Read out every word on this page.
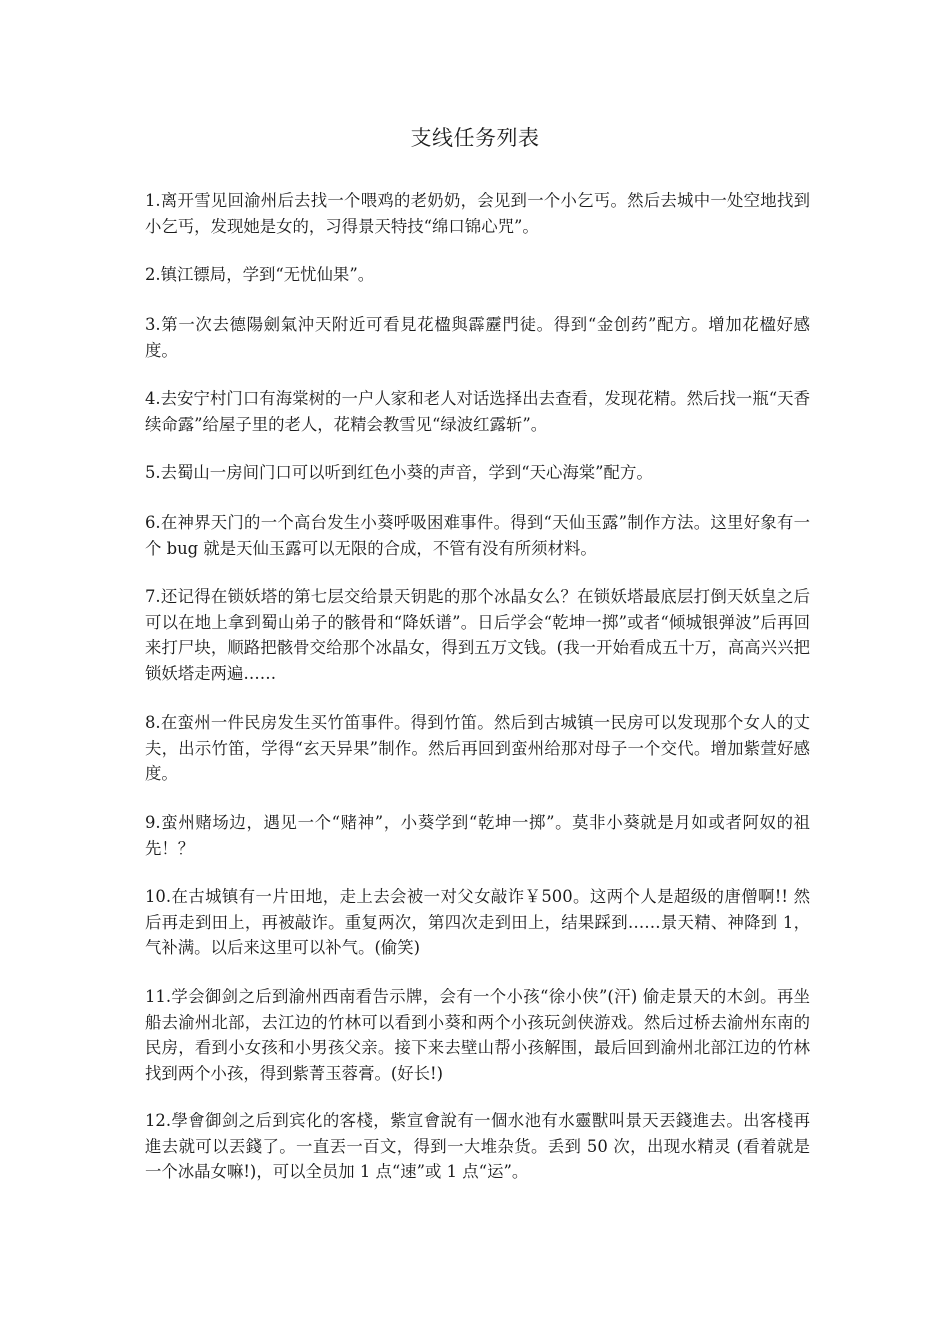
支线任务列表

1.离开雪见回渝州后去找一个喂鸡的老奶奶，会见到一个小乞丐。然后去城中一处空地找到小乞丐，发现她是女的，习得景天特技“绵口锦心咒”。

2.镇江镖局，学到“无忧仙果”。

3.第一次去德陽劍氣沖天附近可看見花楹與霹靂門徒。得到“金创药”配方。增加花楹好感度。

4.去安宁村门口有海棠树的一户人家和老人对话选择出去查看，发现花精。然后找一瓶“天香续命露”给屋子里的老人，花精会教雪见“绿波红露斩”。

5.去蜀山一房间门口可以听到红色小葵的声音，学到“天心海棠”配方。

6.在神界天门的一个高台发生小葵呼吸困难事件。得到“天仙玉露”制作方法。这里好象有一个 bug 就是天仙玉露可以无限的合成，不管有没有所须材料。

7.还记得在锁妖塔的第七层交给景天钥匙的那个冰晶女么？在锁妖塔最底层打倒天妖皇之后可以在地上拿到蜀山弟子的骸骨和“降妖谱”。日后学会“乾坤一掷”或者“倾城银弹波”后再回来打尸块，顺路把骸骨交给那个冰晶女，得到五万文钱。(我一开始看成五十万，高高兴兴把锁妖塔走两遍……

8.在蛮州一件民房发生买竹笛事件。得到竹笛。然后到古城镇一民房可以发现那个女人的丈夫，出示竹笛，学得“玄天异果”制作。然后再回到蛮州给那对母子一个交代。增加紫萱好感度。

9.蛮州赌场边，遇见一个“赌神”，小葵学到“乾坤一掷”。莫非小葵就是月如或者阿奴的祖先！？

10.在古城镇有一片田地，走上去会被一对父女敲诈￥500。这两个人是超级的唐僧啊!! 然后再走到田上，再被敲诈。重复两次，第四次走到田上，结果踩到……景天精、神降到 1，气补满。以后来这里可以补气。(偷笑)

11.学会御剑之后到渝州西南看告示牌，会有一个小孩“徐小侠”(汗) 偷走景天的木剑。再坐船去渝州北部，去江边的竹林可以看到小葵和两个小孩玩剑侠游戏。然后过桥去渝州东南的民房，看到小女孩和小男孩父亲。接下来去壁山帮小孩解围，最后回到渝州北部江边的竹林找到两个小孩，得到紫菁玉蓉膏。(好长!)

12.學會御剑之后到宾化的客棧，紫宣會說有一個水池有水靈獸叫景天丟錢進去。出客棧再進去就可以丟錢了。一直丟一百文，得到一大堆杂货。丢到 50 次，出现水精灵 (看着就是一个冰晶女嘛!)，可以全员加 1 点“速”或 1 点“运”。
